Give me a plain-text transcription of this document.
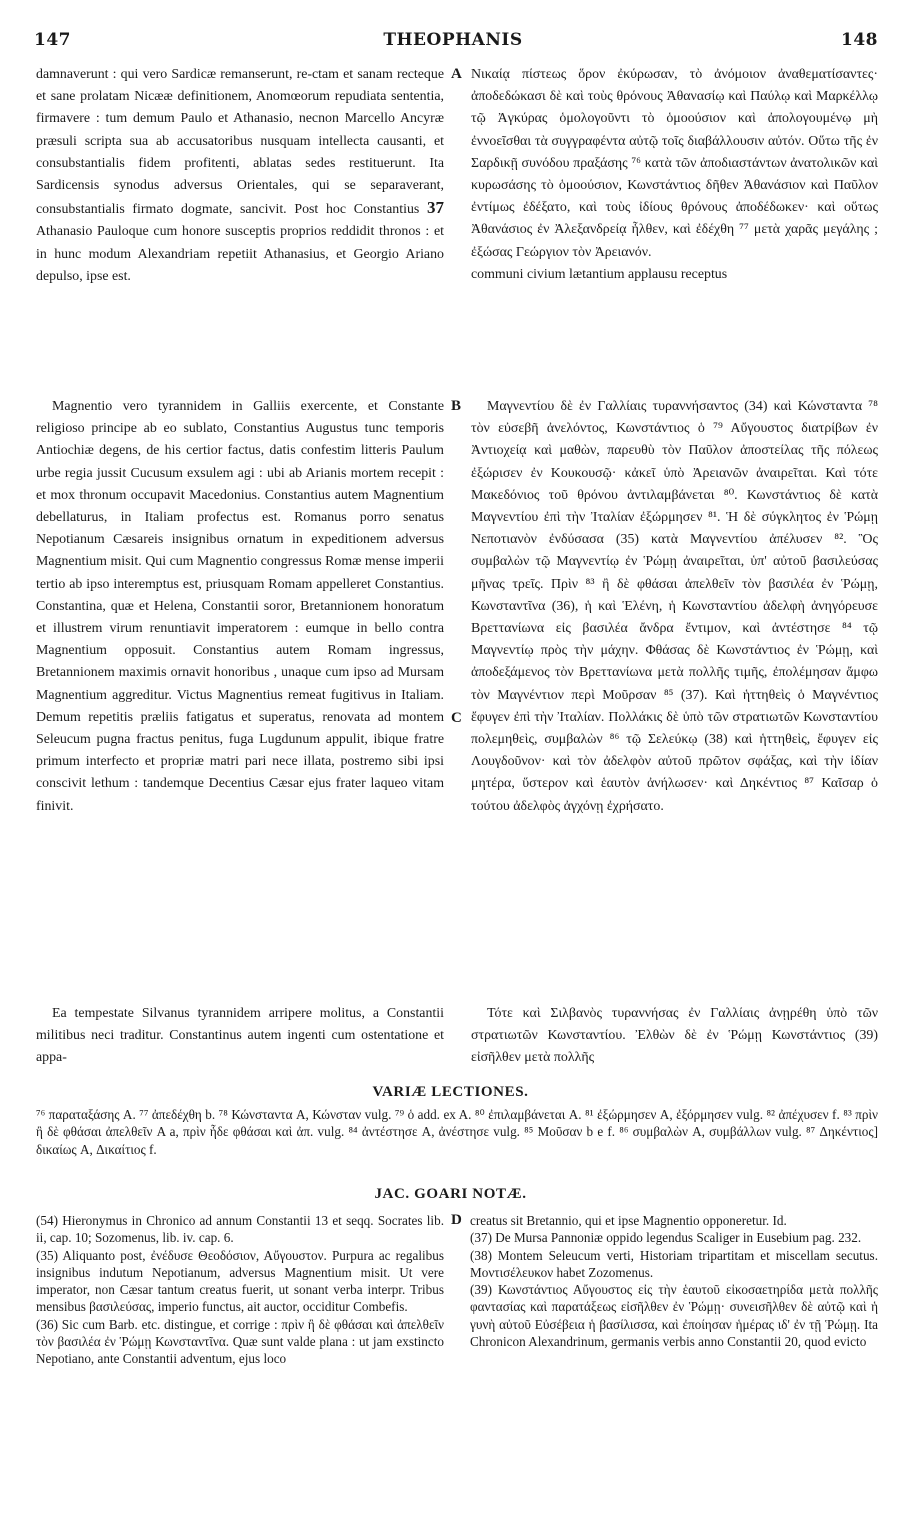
147	THEOPHANIS	148

damnaverunt : qui vero Sardicæ remanserunt, re-ctam et sanam recteque et sane prolatam Nicææ definitionem, Anomœorum repudiata sententia, firmavere : tum demum Paulo et Athanasio, necnon Marcello Ancyræ præsuli scripta sua ab accusatoribus nusquam intellecta causanti, et consubstantialis fidem profitenti, ablatas sedes restituerunt. Ita Sardicensis synodus adversus Orientales, qui se separaverant, consubstantialis firmato dogmate, sancivit. Post hoc Constantius 37 Athanasio Pauloque cum honore susceptis proprios reddidit thronos : et in hunc modum Alexandriam repetiit Athanasius, et Georgio Ariano depulso, ipse est.

Magnentio vero tyrannidem in Galliis exercente, et Constante religioso principe ab eo sublato, Constantius Augustus tunc temporis Antiochiæ degens, de his certior factus, datis confestim litteris Paulum urbe regia jussit Cucusum exsulem agi : ubi ab Arianis mortem recepit : et mox thronum occupavit Macedonius. Constantius autem Magnentium debellaturus, in Italiam profectus est. Romanus porro senatus Nepotianum Cæsareis insignibus ornatum in expeditionem adversus Magnentium misit. Qui cum Magnentio congressus Romæ mense imperii tertio ab ipso interemptus est, priusquam Romam appelleret Constantius. Constantina, quæ et Helena, Constantii soror, Bretannionem honoratum et illustrem virum renuntiavit imperatorem : eumque in bello contra Magnentium opposuit. Constantius autem Romam ingressus, Bretannionem maximis ornavit honoribus , unaque cum ipso ad Mursam Magnentium aggreditur. Victus Magnentius remeat fugitivus in Italiam. Demum repetitis præliis fatigatus et superatus, renovata ad montem Seleucum pugna fractus penitus, fuga Lugdunum appulit, ibique fratre primum interfecto et propriæ matri pari nece illata, postremo sibi ipsi conscivit lethum : tandemque Decentius Cæsar ejus frater laqueo vitam finivit.

Ea tempestate Silvanus tyrannidem arripere molitus, a Constantii militibus neci traditur. Constantinus autem ingenti cum ostentatione et appa-

Νικαίᾳ πίστεως ὅρον ἐκύρωσαν, τὸ ἀνόμοιον ἀναθεματίσαντες· ἀποδεδώκασι δὲ καὶ τοὺς θρόνους Ἀθανασίῳ καὶ Παύλῳ καὶ Μαρκέλλῳ τῷ Ἀγκύρας ὁμολογοῦντι τὸ ὁμοούσιον καὶ ἀπολογουμένῳ μὴ ἐννοεῖσθαι τὰ συγγραφέντα αὐτῷ τοῖς διαβάλλουσιν αὐτόν. Οὕτω τῆς ἐν Σαρδικῇ συνόδου πραξάσης ⁷⁶ κατὰ τῶν ἀποδιαστάντων ἀνατολικῶν καὶ κυρωσάσης τὸ ὁμοούσιον, Κωνστάντιος δῆθεν Ἀθανάσιον καὶ Παῦλον ἐντίμως ἐδέξατο, καὶ τοὺς ἰδίους θρόνους ἀποδέδωκεν· καὶ οὕτως Ἀθανάσιος ἐν Ἀλεξανδρείᾳ ἦλθεν, καὶ ἐδέχθη ⁷⁷ μετὰ χαρᾶς μεγάλης ; ἐξώσας Γεώργιον τὸν Ἀρειανόν.

communi civium lætantium applausu receptus

Μαγνεντίου δὲ ἐν Γαλλίαις τυραννήσαντος (34) καὶ Κώνσταντα ⁷⁸ τὸν εὐσεβῆ ἀνελόντος, Κωνστάντιος ὁ ⁷⁹ Αὔγουστος διατρίβων ἐν Ἀντιοχείᾳ καὶ μαθὼν, παρευθὺ τὸν Παῦλον ἀποστείλας τῆς πόλεως ἐξώρισεν ἐν Κουκουσῷ· κἀκεῖ ὑπὸ Ἀρειανῶν ἀναιρεῖται. Καὶ τότε Μακεδόνιος τοῦ θρόνου ἀντιλαμβάνεται ⁸⁰. Κωνστάντιος δὲ κατὰ Μαγνεντίου ἐπὶ τὴν Ἰταλίαν ἐξώρμησεν ⁸¹. Ἡ δὲ σύγκλητος ἐν Ῥώμῃ Νεποτιανὸν ἐνδύσασα (35) κατὰ Μαγνεντίου ἀπέλυσεν ⁸². Ὃς συμβαλὼν τῷ Μαγνεντίῳ ἐν Ῥώμῃ ἀναιρεῖται, ὑπ' αὐτοῦ βασιλεύσας μῆνας τρεῖς. Πρὶν ⁸³ ἢ δὲ φθάσαι ἀπελθεῖν τὸν βασιλέα ἐν Ῥώμῃ, Κωνσταντῖνα (36), ἡ καὶ Ἑλένη, ἡ Κωνσταντίου ἀδελφὴ ἀνηγόρευσε Βρεττανίωνα εἰς βασιλέα ἄνδρα ἔντιμον, καὶ ἀντέστησε ⁸⁴ τῷ Μαγνεντίῳ πρὸς τὴν μάχην. Φθάσας δὲ Κωνστάντιος ἐν Ῥώμῃ, καὶ ἀποδεξάμενος τὸν Βρεττανίωνα μετὰ πολλῆς τιμῆς, ἐπολέμησαν ἄμφω τὸν Μαγνέντιον περὶ Μοῦρσαν ⁸⁵ (37). Καὶ ἡττηθεὶς ὁ Μαγνέντιος ἔφυγεν ἐπὶ τὴν Ἰταλίαν. Πολλάκις δὲ ὑπὸ τῶν στρατιωτῶν Κωνσταντίου πολεμηθεὶς, συμβαλὼν ⁸⁶ τῷ Σελεύκῳ (38) καὶ ἡττηθεὶς, ἔφυγεν εἰς Λουγδοῦνον· καὶ τὸν ἀδελφὸν αὐτοῦ πρῶτον σφάξας, καὶ τὴν ἰδίαν μητέρα, ὕστερον καὶ ἑαυτὸν ἀνήλωσεν· καὶ Δηκέντιος ⁸⁷ Καῖσαρ ὁ τούτου ἀδελφὸς ἀγχόνῃ ἐχρήσατο.

Τότε καὶ Σιλβανὸς τυραννήσας ἐν Γαλλίαις ἀνῃρέθη ὑπὸ τῶν στρατιωτῶν Κωνσταντίου. Ἐλθὼν δὲ ἐν Ῥώμῃ Κωνστάντιος (39) εἰσῆλθεν μετὰ πολλῆς

A
B
C
D
VARIÆ LECTIONES.

⁷⁶ παραταξάσης A. ⁷⁷ ἀπεδέχθη b. ⁷⁸ Κώνσταντα A, Κώνσταν vulg. ⁷⁹ ὁ add. ex A. ⁸⁰ ἐπιλαμβάνεται A. ⁸¹ ἐξώρμησεν A, ἐξόρμησεν vulg. ⁸² ἀπέχυσεν f. ⁸³ πρὶν ἢ δὲ φθάσαι ἀπελθεῖν A a, πρὶν ἦδε φθάσαι καὶ ἀπ. vulg. ⁸⁴ ἀντέστησε A, ἀνέστησε vulg. ⁸⁵ Μοῦσαν b e f. ⁸⁶ συμβαλὼν A, συμβάλλων vulg. ⁸⁷ Δηκέντιος] δικαίως A, Δικαίτιος f.

JAC. GOARI NOTÆ.

(54) Hieronymus in Chronico ad annum Constantii 13 et seqq. Socrates lib. ii, cap. 10; Sozomenus, lib. iv. cap. 6.

(35) Aliquanto post, ἐνέδυσε Θεοδόσιον, Αὔγουστον. Purpura ac regalibus insignibus indutum Nepotianum, adversus Magnentium misit. Ut vere imperator, non Cæsar tantum creatus fuerit, ut sonant verba interpr. Tribus mensibus βασιλεύσας, imperio functus, ait auctor, occiditur Combefis.

(36) Sic cum Barb. etc. distingue, et corrige : πρὶν ἢ δὲ φθάσαι καὶ ἀπελθεῖν τὸν βασιλέα ἐν Ῥώμῃ Κωνσταντῖνα. Quæ sunt valde plana : ut jam exstincto Nepotiano, ante Constantii adventum, ejus loco

creatus sit Bretannio, qui et ipse Magnentio opponeretur. Id.

(37) De Mursa Pannoniæ oppido legendus Scaliger in Eusebium pag. 232.

(38) Montem Seleucum verti, Historiam tripartitam et miscellam secutus. Μοντισέλευκον habet Zozomenus.

(39) Κωνστάντιος Αὔγουστος εἰς τὴν ἑαυτοῦ εἰκοσαετηρίδα μετὰ πολλῆς φαντασίας καὶ παρατάξεως εἰσῆλθεν ἐν Ῥώμῃ· συνεισῆλθεν δὲ αὐτῷ καὶ ἡ γυνὴ αὐτοῦ Εὐσέβεια ἡ βασίλισσα, καὶ ἐποίησαν ἡμέρας ιδ' ἐν τῇ Ῥώμῃ. Ita Chronicon Alexandrinum, germanis verbis anno Constantii 20, quod evicto
